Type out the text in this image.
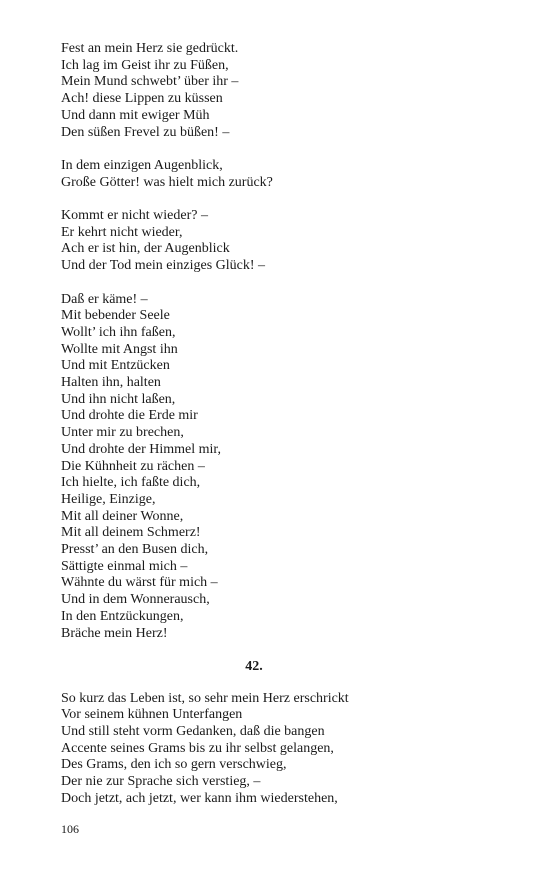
Fest an mein Herz sie gedrückt.
Ich lag im Geist ihr zu Füßen,
Mein Mund schwebt’ über ihr –
Ach! diese Lippen zu küssen
Und dann mit ewiger Müh
Den süßen Frevel zu büßen! –
In dem einzigen Augenblick,
Große Götter! was hielt mich zurück?
Kommt er nicht wieder? –
Er kehrt nicht wieder,
Ach er ist hin, der Augenblick
Und der Tod mein einziges Glück! –
Daß er käme! –
Mit bebender Seele
Wollt’ ich ihn faßen,
Wollte mit Angst ihn
Und mit Entzücken
Halten ihn, halten
Und ihn nicht laßen,
Und drohte die Erde mir
Unter mir zu brechen,
Und drohte der Himmel mir,
Die Kühnheit zu rächen –
Ich hielte, ich faßte dich,
Heilige, Einzige,
Mit all deiner Wonne,
Mit all deinem Schmerz!
Presst’ an den Busen dich,
Sättigte einmal mich –
Wähnte du wärst für mich –
Und in dem Wonnerausch,
In den Entzückungen,
Bräche mein Herz!
42.
So kurz das Leben ist, so sehr mein Herz erschrickt
Vor seinem kühnen Unterfangen
Und still steht vorm Gedanken, daß die bangen
Accente seines Grams bis zu ihr selbst gelangen,
Des Grams, den ich so gern verschwieg,
Der nie zur Sprache sich verstieg, –
Doch jetzt, ach jetzt, wer kann ihm wiederstehen,
106
